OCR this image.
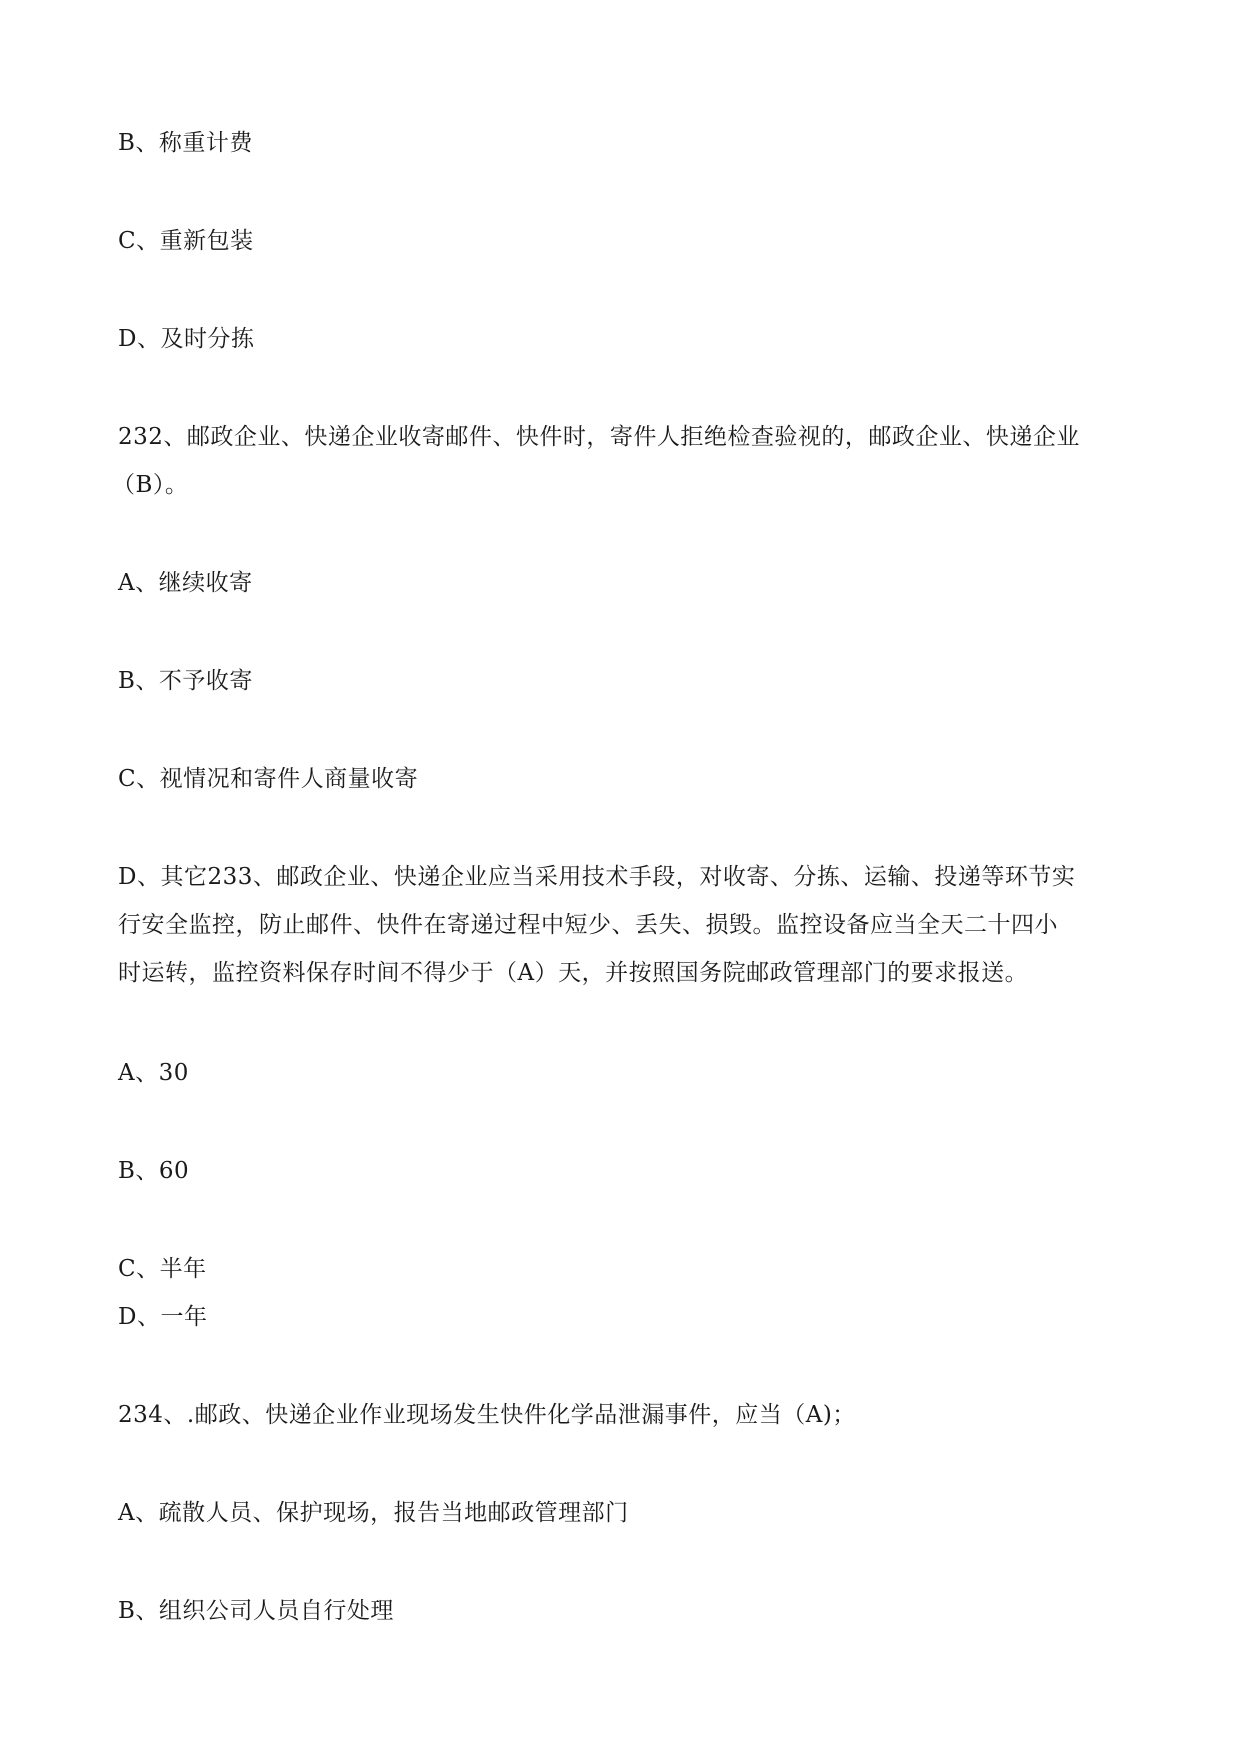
B、称重计费
C、重新包装
D、及时分拣
232、邮政企业、快递企业收寄邮件、快件时，寄件人拒绝检查验视的，邮政企业、快递企业
（B）。
A、继续收寄
B、不予收寄
C、视情况和寄件人商量收寄
D、其它233、邮政企业、快递企业应当采用技术手段，对收寄、分拣、运输、投递等环节实
行安全监控，防止邮件、快件在寄递过程中短少、丢失、损毁。监控设备应当全天二十四小
时运转，监控资料保存时间不得少于（A）天，并按照国务院邮政管理部门的要求报送。
A、30
B、60
C、半年
D、一年
234、.邮政、快递企业作业现场发生快件化学品泄漏事件，应当（A)；
A、疏散人员、保护现场，报告当地邮政管理部门
B、组织公司人员自行处理
